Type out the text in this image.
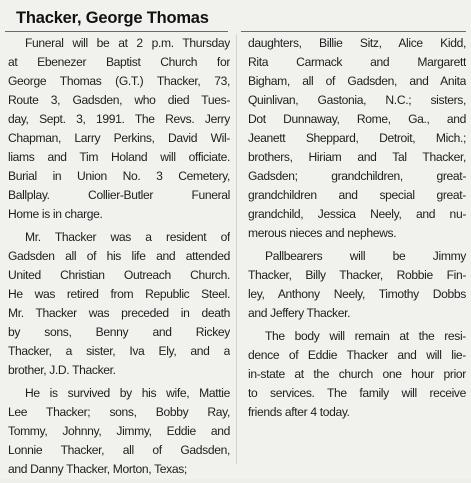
Thacker, George Thomas
Funeral will be at 2 p.m. Thursday
at Ebenezer Baptist Church for
George Thomas (G.T.) Thacker, 73,
Route 3, Gadsden, who died Tues-
day, Sept. 3, 1991. The Revs. Jerry
Chapman, Larry Perkins, David Wil-
liams and Tim Holand will officiate.
Burial in Union No. 3 Cemetery,
Ballplay. Collier-Butler Funeral
Home is in charge.
Mr. Thacker was a resident of
Gadsden all of his life and attended
United Christian Outreach Church.
He was retired from Republic Steel.
Mr. Thacker was preceded in death
by sons, Benny and Rickey
Thacker, a sister, Iva Ely, and a
brother, J.D. Thacker.
He is survived by his wife, Mattie
Lee Thacker; sons, Bobby Ray,
Tommy, Johnny, Jimmy, Eddie and
Lonnie Thacker, all of Gadsden,
and Danny Thacker, Morton, Texas;
daughters, Billie Sitz, Alice Kidd,
Rita Carmack and Margarett
Bigham, all of Gadsden, and Anita
Quinlivan, Gastonia, N.C.; sisters,
Dot Dunnaway, Rome, Ga., and
Jeanett Sheppard, Detroit, Mich.;
brothers, Hiriam and Tal Thacker,
Gadsden; grandchildren, great-
grandchildren and special great-
grandchild, Jessica Neely, and nu-
merous nieces and nephews.
Pallbearers will be Jimmy
Thacker, Billy Thacker, Robbie Fin-
ley, Anthony Neely, Timothy Dobbs
and Jeffery Thacker.
The body will remain at the resi-
dence of Eddie Thacker and will lie-
in-state at the church one hour prior
to services. The family will receive
friends after 4 today.
